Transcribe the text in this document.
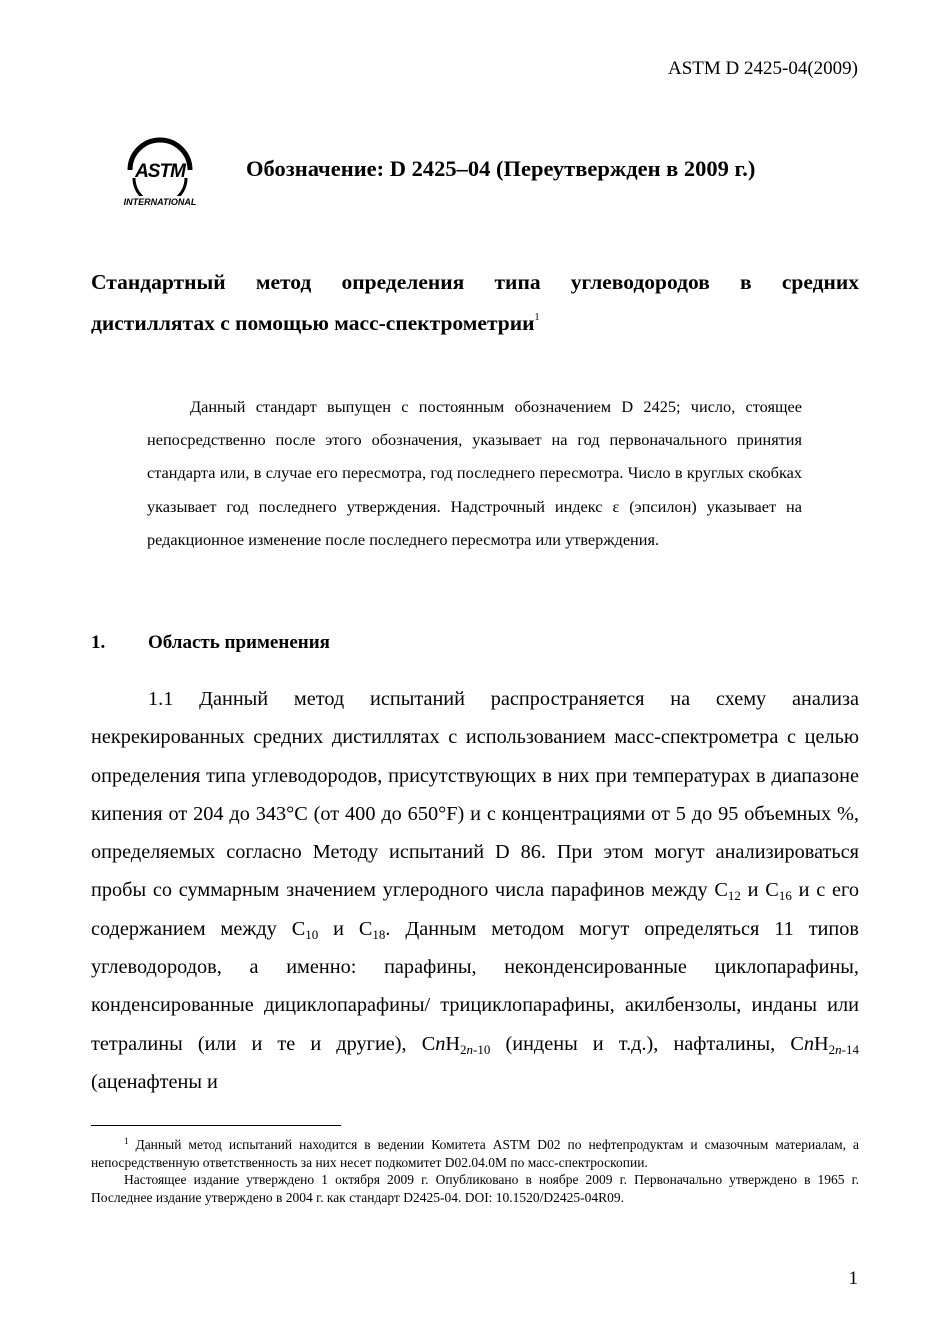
ASTM D 2425-04(2009)
ASTM
INTERNATIONAL
Обозначение: D 2425–04 (Переутвержден в 2009 г.)
Стандартный метод определения типа углеводородов в средних
дистиллятах с помощью масс-спектрометрии$^1$
Данный стандарт выпущен с постоянным обозначением D 2425; число, стоящее непосредственно после этого обозначения, указывает на год первоначального принятия стандарта или, в случае его пересмотра, год последнего пересмотра. Число в круглых скобках указывает год последнего утверждения. Надстрочный индекс ε (эпсилон) указывает на редакционное изменение после последнего пересмотра или утверждения.
1. Область применения
1.1 Данный метод испытаний распространяется на схему анализа некрекированных средних дистиллятах с использованием масс-спектрометра с целью определения типа углеводородов, присутствующих в них при температурах в диапазоне кипения от 204 до 343°C (от 400 до 650°F) и с концентрациями от 5 до 95 объемных %, определяемых согласно Методу испытаний D 86. При этом могут анализироваться пробы со суммарным значением углеродного числа парафинов между $C_{12}$ и $C_{16}$ и с его содержанием между $C_{10}$ и $C_{18}$. Данным методом могут определяться 11 типов углеводородов, а именно: парафины, неконденсированные циклопарафины, конденсированные дициклопарафины/ трициклопарафины, акилбензолы, инданы или тетралины (или и те и другие), CnH$_{2n-10}$ (индены и т.д.), нафталины, CnH$_{2n-14}$ (аценафтены и

$^1$ Данный метод испытаний находится в ведении Комитета ASTM D02 по нефтепродуктам и смазочным материалам, а непосредственную ответственность за них несет подкомитет D02.04.0M по масс-спектроскопии.

Настоящее издание утверждено 1 октября 2009 г. Опубликовано в ноябре 2009 г. Первоначально утверждено в 1965 г. Последнее издание утверждено в 2004 г. как стандарт D2425-04. DOI: 10.1520/D2425-04R09.

1
